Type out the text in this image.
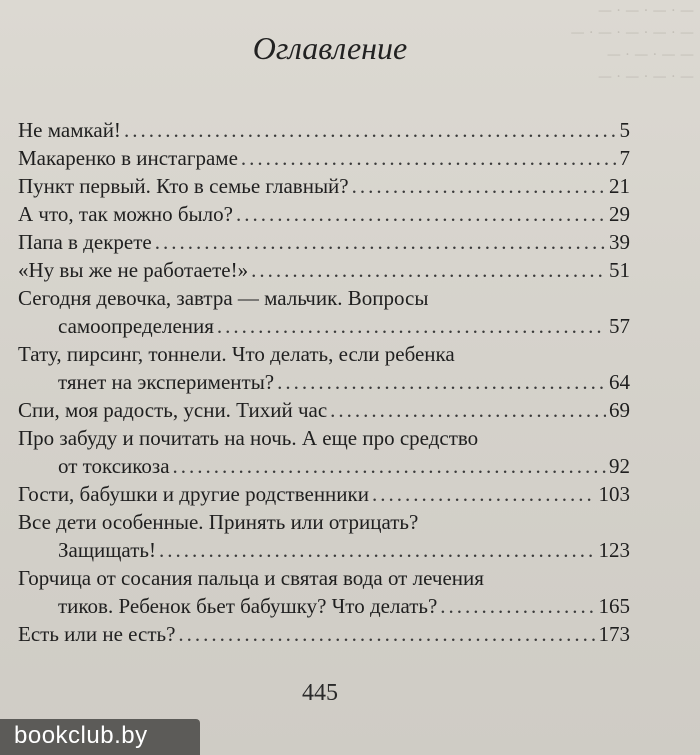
— · — · — · —
— · — · — · — · —
— · — · — —
— · — · — · —
Оглавление
Не мамкай! .....	5
Макаренко в инстаграме .....	7
Пункт первый. Кто в семье главный? .....	21
А что, так можно было? .....	29
Папа в декрете .....	39
«Ну вы же не работаете!» .....	51
Сегодня девочка, завтра — мальчик. Вопросы
самоопределения .....	57
Тату, пирсинг, тоннели. Что делать, если ребенка
тянет на эксперименты? .....	64
Спи, моя радость, усни. Тихий час .....	69
Про забуду и почитать на ночь. А еще про средство
от токсикоза .....	92
Гости, бабушки и другие родственники .....	103
Все дети особенные. Принять или отрицать?
Защищать! .....	123
Горчица от сосания пальца и святая вода от лечения
тиков. Ребенок бьет бабушку? Что делать? .....	165
Есть или не есть? .....	173
445
bookclub.by
